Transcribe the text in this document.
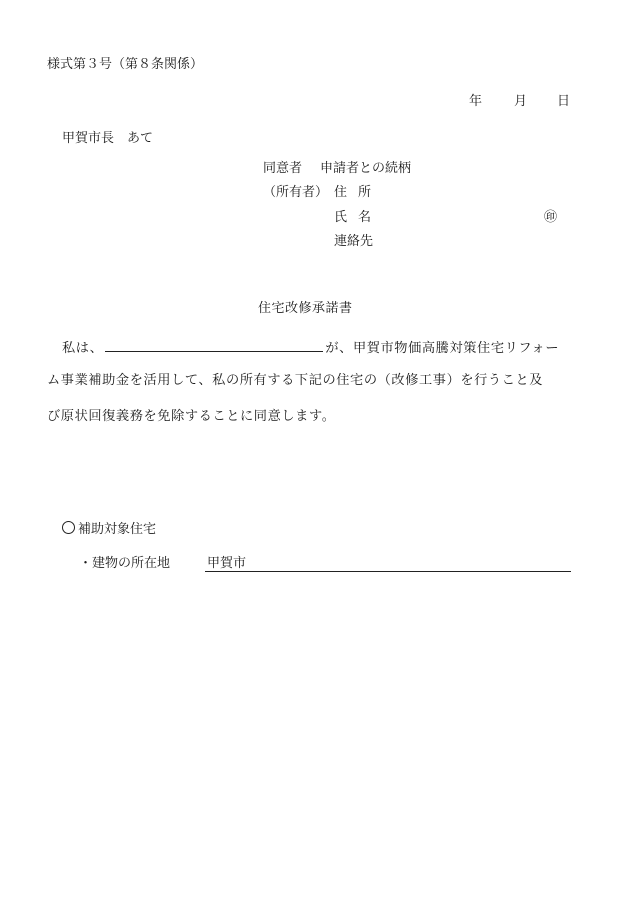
様式第３号（第８条関係）
年 月 日
甲賀市長　あて
同意者 申請者との続柄
（所有者） 住所
氏名	㊞
連絡先
住宅改修承諾書
私は、	が、甲賀市物価高騰対策住宅リフォー
ム事業補助金を活用して、私の所有する下記の住宅の（改修工事）を行うこと及
び原状回復義務を免除することに同意します。
補助対象住宅
・建物の所在地	甲賀市
